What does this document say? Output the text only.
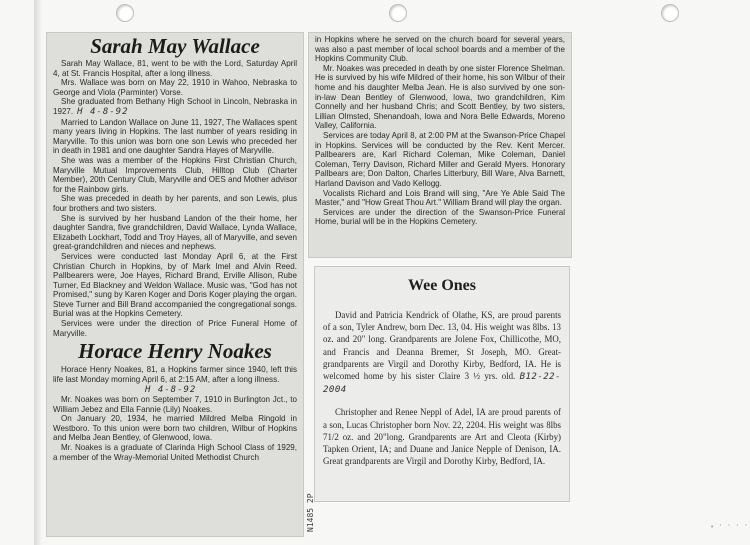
Sarah May Wallace

Sarah May Wallace, 81, went to be with the Lord, Saturday April 4, at St. Francis Hospital, after a long illness.

Mrs. Wallace was born on May 22, 1910 in Wahoo, Nebraska to George and Viola (Parminter) Vorse.

She graduated from Bethany High School in Lincoln, Nebraska in 1927. H 4-8-92

Married to Landon Wallace on June 11, 1927, The Wallaces spent many years living in Hopkins. The last number of years residing in Maryville. To this union was born one son Lewis who preceded her in death in 1981 and one daughter Sandra Hayes of Maryville.

She was was a member of the Hopkins First Christian Church, Maryville Mutual Improvements Club, Hilltop Club (Charter Member), 20th Century Club, Maryville and OES and Mother advisor for the Rainbow girls.

She was preceded in death by her parents, and son Lewis, plus four brothers and two sisters.

She is survived by her husband Landon of the their home, her daughter Sandra, five grandchildren, David Wallace, Lynda Wallace, Elizabeth Lockhart, Todd and Troy Hayes, all of Maryville, and seven great-grandchildren and nieces and nephews.

Services were conducted last Monday April 6, at the First Christian Church in Hopkins, by of Mark Imel and Alvin Reed. Pallbearers were, Joe Hayes, Richard Brand, Erville Allison, Rube Turner, Ed Blackney and Weldon Wallace. Music was, "God has not Promised," sung by Karen Koger and Doris Koger playing the organ. Steve Turner and Bill Brand accompanied the congregational songs. Burial was at the Hopkins Cemetery.

Services were under the direction of Price Funeral Home of Maryville.

Horace Henry Noakes

Horace Henry Noakes, 81, a Hopkins farmer since 1940, left this life last Monday morning April 6, at 2:15 AM, after a long illness.

H 4-8-92

Mr. Noakes was born on September 7, 1910 in Burlington Jct., to William Jebez and Ella Fannie (Lily) Noakes.

On January 20, 1934, he married Mildred Melba Ringold in Westboro. To this union were born two children, Wilbur of Hopkins and Melba Jean Bentley, of Glenwood, Iowa.

Mr. Noakes is a graduate of Clarinda High School Class of 1929, a member of the Wray-Memorial United Methodist Church

in Hopkins where he served on the church board for several years, was also a past member of local school boards and a member of the Hopkins Community Club.

Mr. Noakes was preceded in death by one sister Florence Shelman. He is survived by his wife Mildred of their home, his son Wilbur of their home and his daughter Melba Jean. He is also survived by one son-in-law Dean Bentley of Glenwood, Iowa, two grandchildren, Kim Connelly and her husband Chris; and Scott Bentley, by two sisters, Lillian Olmsted, Shenandoah, Iowa and Nora Belle Edwards, Moreno Valley, California.

Services are today April 8, at 2:00 PM at the Swanson-Price Chapel in Hopkins. Services will be conducted by the Rev. Kent Mercer. Pallbearers are, Karl Richard Coleman, Mike Coleman, Daniel Coleman, Terry Davison, Richard Miller and Gerald Myers. Honorary Pallbears are; Don Dalton, Charles Litterbury, Bill Ware, Alva Barnett, Harland Davison and Vado Kellogg.

Vocalists Richard and Lois Brand will sing, "Are Ye Able Said The Master," and "How Great Thou Art." William Brand will play the organ.

Services are under the direction of the Swanson-Price Funeral Home, burial will be in the Hopkins Cemetery.

Wee Ones

David and Patricia Kendrick of Olathe, KS, are proud parents of a son, Tyler Andrew, born Dec. 13, 04. His weight was 8lbs. 13 oz. and 20" long. Grandparents are Jolene Fox, Chillicothe, MO, and Francis and Deanna Bremer, St Joseph, MO. Great-grandparents are Virgil and Dorothy Kirby, Bedford, IA. He is welcomed home by his sister Claire 3 ½ yrs. old. B12-22-2004

Christopher and Renee Neppl of Adel, IA are proud parents of a son, Lucas Christopher born Nov. 22, 2204. His weight was 8lbs 71/2 oz. and 20"long. Grandparents are Art and Cleota (Kirby) Tapken Orient, IA; and Duane and Janice Nepple of Denison, IA. Great grandparents are Virgil and Dorothy Kirby, Bedford, IA.

N1485 2P	• ' ' ' '
